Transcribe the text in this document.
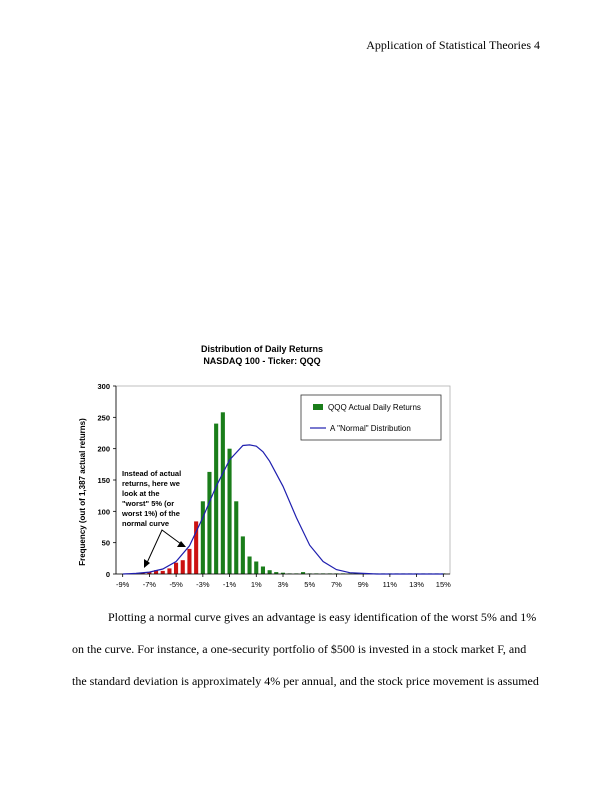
Application of Statistical Theories 4
Distribution of Daily Returns
NASDAQ 100 - Ticker: QQQ
Frequency (out of 1,387 actual returns)
0
50
100
150
200
250
300
-9% -7% -5% -3% -1% 1% 3% 5% 7% 9% 11% 13% 15%
QQQ Actual Daily Returns
A "Normal" Distribution
Instead of actual returns, here we look at the "worst" 5% (or worst 1%) of the normal curve

Plotting a normal curve gives an advantage is easy identification of the worst 5% and 1% on the curve. For instance, a one-security portfolio of $500 is invested in a stock market F, and the standard deviation is approximately 4% per annual, and the stock price movement is assumed
